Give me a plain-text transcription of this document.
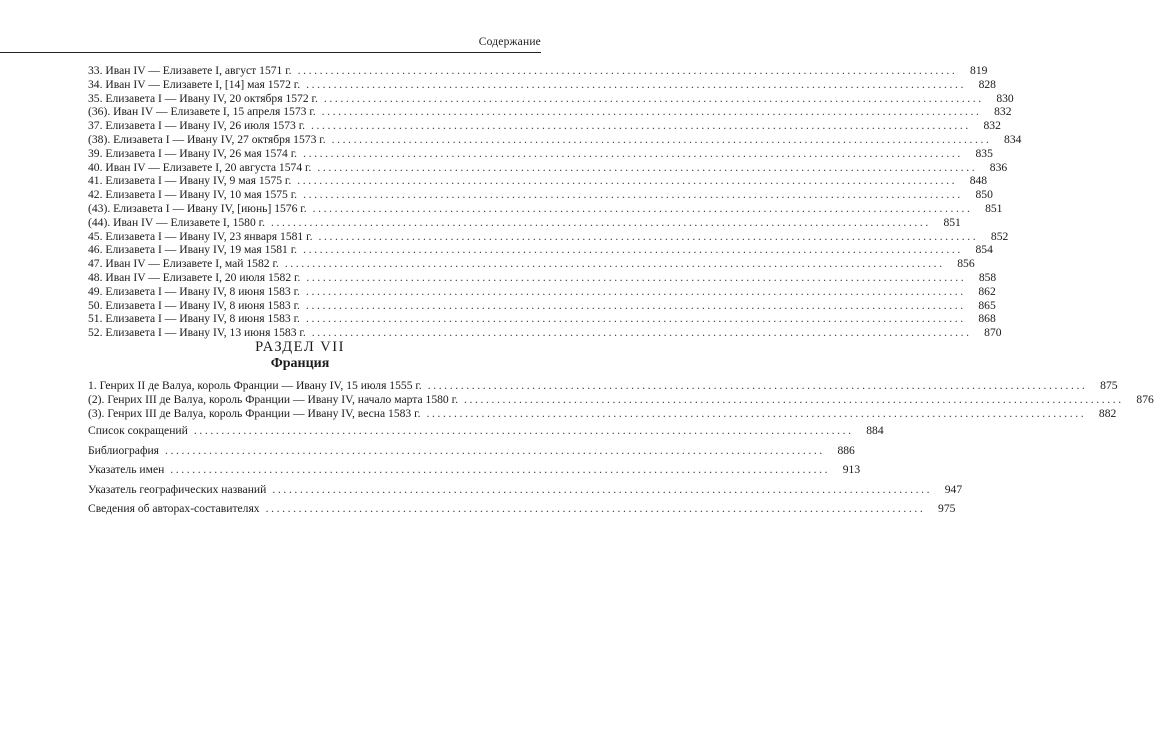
Содержание
33. Иван IV — Елизавете I, август 1571 г. ........................................................................................................................	819
34. Иван IV — Елизавете I, [14] мая 1572 г. ........................................................................................................................	828
35. Елизавета I — Ивану IV, 20 октября 1572 г. ........................................................................................................................	830
(36). Иван IV — Елизавете I, 15 апреля 1573 г. ........................................................................................................................	832
37. Елизавета I — Ивану IV, 26 июля 1573 г. ........................................................................................................................	832
(38). Елизавета I — Ивану IV, 27 октября 1573 г. ........................................................................................................................	834
39. Елизавета I — Ивану IV, 26 мая 1574 г. ........................................................................................................................	835
40. Иван IV — Елизавете I, 20 августа 1574 г. ........................................................................................................................	836
41. Елизавета I — Ивану IV, 9 мая 1575 г. ........................................................................................................................	848
42. Елизавета I — Ивану IV, 10 мая 1575 г. ........................................................................................................................	850
(43). Елизавета I — Ивану IV, [июнь] 1576 г. ........................................................................................................................	851
(44). Иван IV — Елизавете I, 1580 г. ........................................................................................................................	851
45. Елизавета I — Ивану IV, 23 января 1581 г. ........................................................................................................................	852
46. Елизавета I — Ивану IV, 19 мая 1581 г. ........................................................................................................................	854
47. Иван IV — Елизавете I, май 1582 г. ........................................................................................................................	856
48. Иван IV — Елизавете I, 20 июля 1582 г. ........................................................................................................................	858
49. Елизавета I — Ивану IV, 8 июня 1583 г. ........................................................................................................................	862
50. Елизавета I — Ивану IV, 8 июня 1583 г. ........................................................................................................................	865
51. Елизавета I — Ивану IV, 8 июня 1583 г. ........................................................................................................................	868
52. Елизавета I — Ивану IV, 13 июня 1583 г. ........................................................................................................................	870
РАЗДЕЛ VII
Франция
1. Генрих II де Валуа, король Франции — Ивану IV, 15 июля 1555 г. ........................................................................................................................	875
(2). Генрих III де Валуа, король Франции — Ивану IV, начало марта 1580 г. ........................................................................................................................	876
(3). Генрих III де Валуа, король Франции — Ивану IV, весна 1583 г. ........................................................................................................................	882
Список сокращений ........................................................................................................................	884
Библиография ........................................................................................................................	886
Указатель имен ........................................................................................................................	913
Указатель географических названий ........................................................................................................................	947
Сведения об авторах-составителях ........................................................................................................................	975
